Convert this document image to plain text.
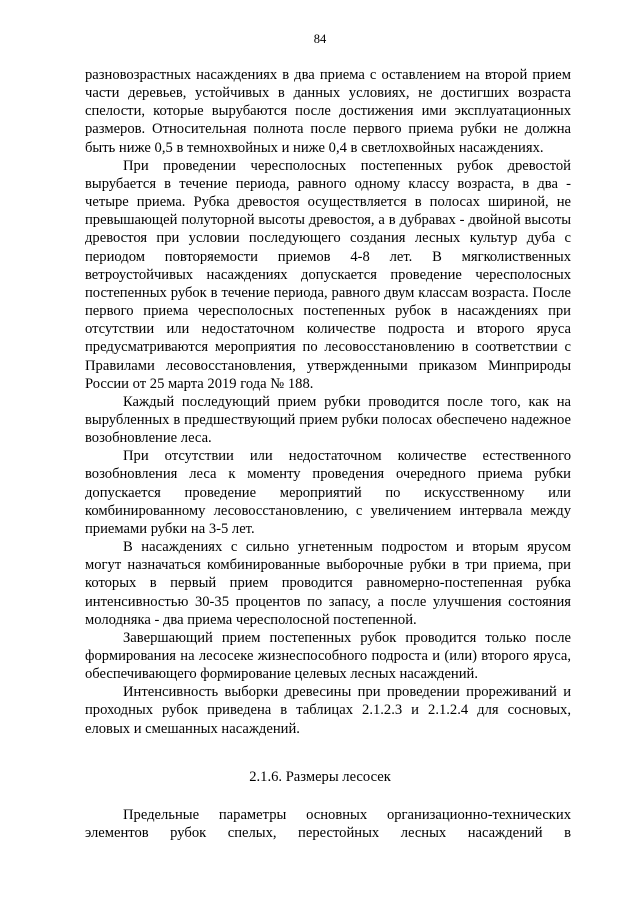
84

разновозрастных насаждениях в два приема с оставлением на второй прием части деревьев, устойчивых в данных условиях, не достигших возраста спелости, которые вырубаются после достижения ими эксплуатационных размеров. Относительная полнота после первого приема рубки не должна быть ниже 0,5 в темнохвойных и ниже 0,4 в светлохвойных насаждениях.

При проведении чересполосных постепенных рубок древостой вырубается в течение периода, равного одному классу возраста, в два - четыре приема. Рубка древостоя осуществляется в полосах шириной, не превышающей полуторной высоты древостоя, а в дубравах - двойной высоты древостоя при условии последующего создания лесных культур дуба с периодом повторяемости приемов 4-8 лет. В мягколиственных ветроустойчивых насаждениях допускается проведение чересполосных постепенных рубок в течение периода, равного двум классам возраста. После первого приема чересполосных постепенных рубок в насаждениях при отсутствии или недостаточном количестве подроста и второго яруса предусматриваются мероприятия по лесовосстановлению в соответствии с Правилами лесовосстановления, утвержденными приказом Минприроды России от 25 марта 2019 года № 188.

Каждый последующий прием рубки проводится после того, как на вырубленных в предшествующий прием рубки полосах обеспечено надежное возобновление леса.

При отсутствии или недостаточном количестве естественного возобновления леса к моменту проведения очередного приема рубки допускается проведение мероприятий по искусственному или комбинированному лесовосстановлению, с увеличением интервала между приемами рубки на 3-5 лет.

В насаждениях с сильно угнетенным подростом и вторым ярусом могут назначаться комбинированные выборочные рубки в три приема, при которых в первый прием проводится равномерно-постепенная рубка интенсивностью 30-35 процентов по запасу, а после улучшения состояния молодняка - два приема чересполосной постепенной.

Завершающий прием постепенных рубок проводится только после формирования на лесосеке жизнеспособного подроста и (или) второго яруса, обеспечивающего формирование целевых лесных насаждений.

Интенсивность выборки древесины при проведении прореживаний и проходных рубок приведена в таблицах 2.1.2.3 и 2.1.2.4 для сосновых, еловых и смешанных насаждений.

2.1.6. Размеры лесосек
Предельные параметры основных организационно-технических
элементов рубок спелых, перестойных лесных насаждений в
